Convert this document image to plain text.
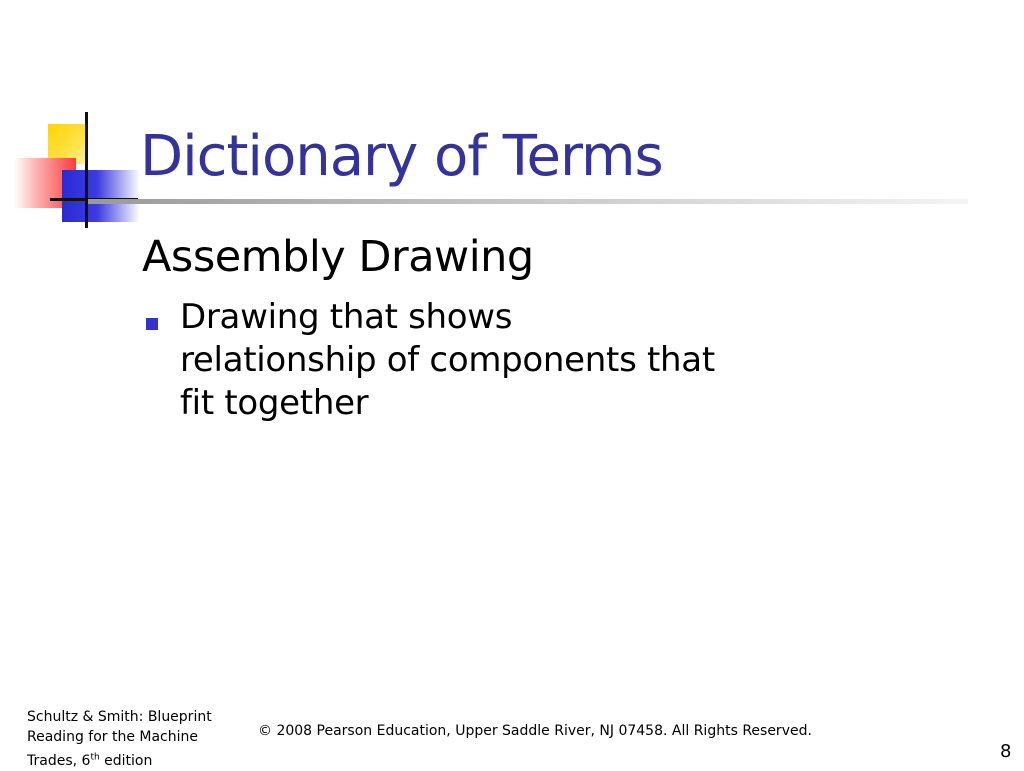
Dictionary of Terms
Assembly Drawing

Drawing that shows
relationship of components that
fit together

Schultz & Smith: Blueprint
Reading for the Machine
Trades, 6th edition
© 2008 Pearson Education, Upper Saddle River, NJ 07458. All Rights Reserved.
8
